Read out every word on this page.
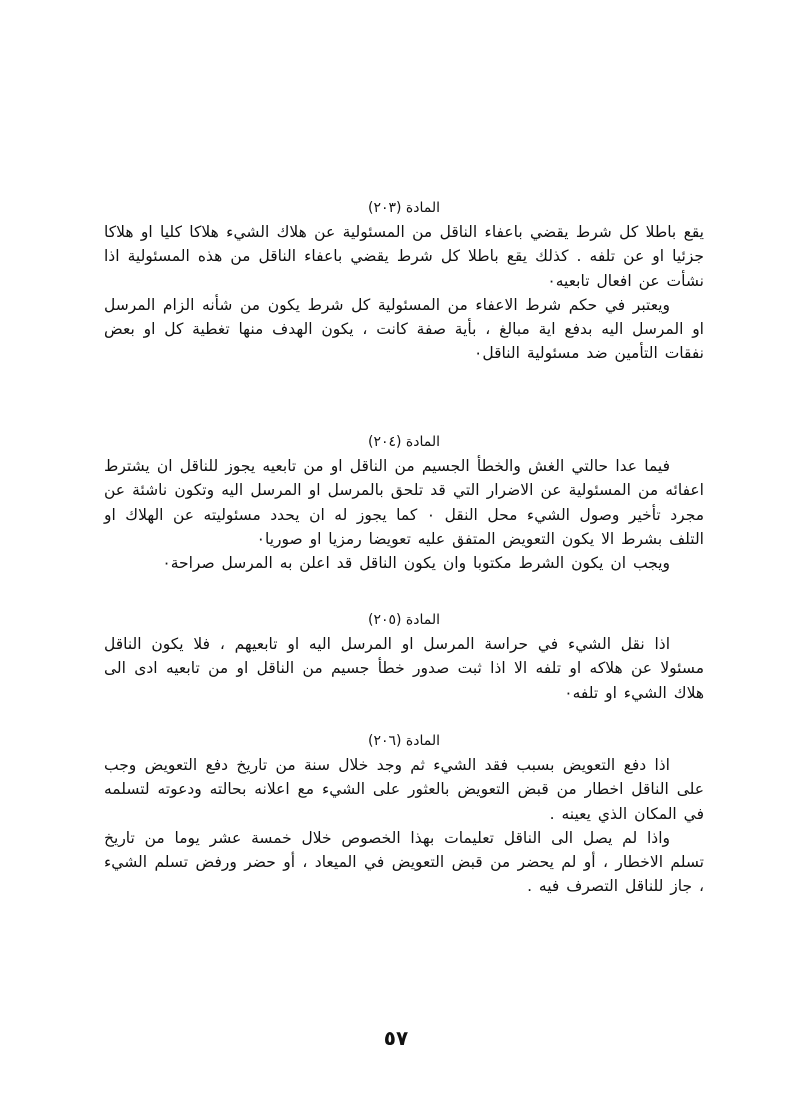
المادة (٢٠٣)

يقع باطلا كل شرط يقضي باعفاء الناقل من المسئولية عن هلاك الشيء هلاكا كليا او هلاكا جزئيا او عن تلفه . كذلك يقع باطلا كل شرط يقضي باعفاء الناقل من هذه المسئولية اذا نشأت عن افعال تابعيه٠

ويعتبر في حكم شرط الاعفاء من المسئولية كل شرط يكون من شأنه الزام المرسل او المرسل اليه بدفع اية مبالغ ، بأية صفة كانت ، يكون الهدف منها تغطية كل او بعض نفقات التأمين ضد مسئولية الناقل٠

المادة (٢٠٤)

فيما عدا حالتي الغش والخطأ الجسيم من الناقل او من تابعيه يجوز للناقل ان يشترط اعفائه من المسئولية عن الاضرار التي قد تلحق بالمرسل او المرسل اليه وتكون ناشئة عن مجرد تأخير وصول الشيء محل النقل ٠ كما يجوز له ان يحدد مسئوليته عن الهلاك او التلف بشرط الا يكون التعويض المتفق عليه تعويضا رمزيا او صوريا٠

ويجب ان يكون الشرط مكتوبا وان يكون الناقل قد اعلن به المرسل صراحة٠

المادة (٢٠٥)

اذا نقل الشيء في حراسة المرسل او المرسل اليه او تابعيهم ، فلا يكون الناقل مسئولا عن هلاكه او تلفه الا اذا ثبت صدور خطأ جسيم من الناقل او من تابعيه ادى الى هلاك الشيء او تلفه٠

المادة (٢٠٦)

اذا دفع التعويض بسبب فقد الشيء ثم وجد خلال سنة من تاريخ دفع التعويض وجب على الناقل اخطار من قبض التعويض بالعثور على الشيء مع اعلانه بحالته ودعوته لتسلمه في المكان الذي يعينه .

واذا لم يصل الى الناقل تعليمات بهذا الخصوص خلال خمسة عشر يوما من تاريخ تسلم الاخطار ، أو لم يحضر من قبض التعويض في الميعاد ، أو حضر ورفض تسلم الشيء ، جاز للناقل التصرف فيه .

٥٧
